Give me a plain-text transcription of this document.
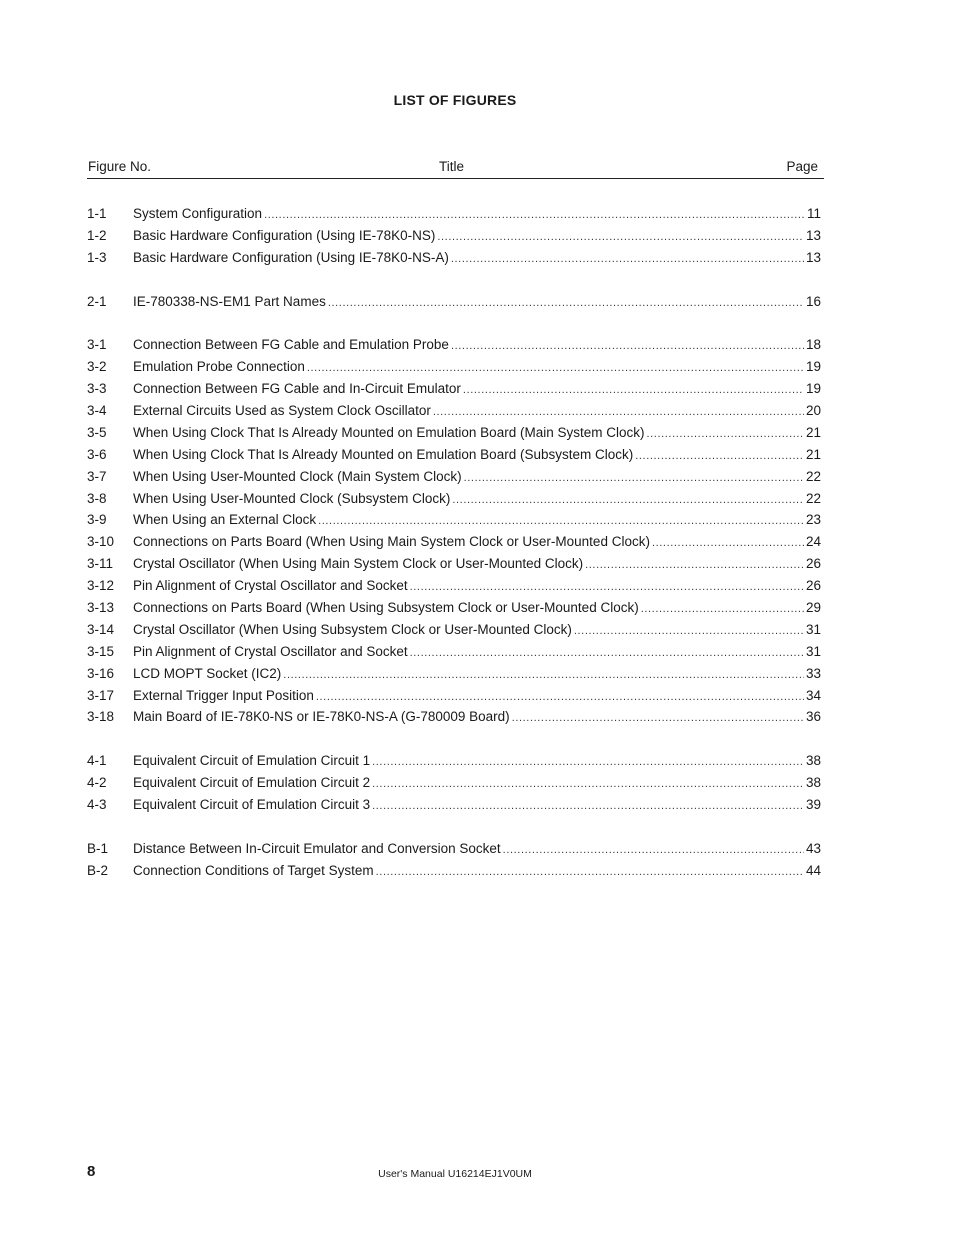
LIST OF FIGURES
Figure No.	Title	Page
1-1	System Configuration .....	11
1-2	Basic Hardware Configuration (Using IE-78K0-NS) .....	13
1-3	Basic Hardware Configuration (Using IE-78K0-NS-A) .....	13
2-1	IE-780338-NS-EM1 Part Names .....	16
3-1	Connection Between FG Cable and Emulation Probe .....	18
3-2	Emulation Probe Connection .....	19
3-3	Connection Between FG Cable and In-Circuit Emulator .....	19
3-4	External Circuits Used as System Clock Oscillator .....	20
3-5	When Using Clock That Is Already Mounted on Emulation Board (Main System Clock) .....	21
3-6	When Using Clock That Is Already Mounted on Emulation Board (Subsystem Clock) .....	21
3-7	When Using User-Mounted Clock (Main System Clock) .....	22
3-8	When Using User-Mounted Clock (Subsystem Clock) .....	22
3-9	When Using an External Clock .....	23
3-10	Connections on Parts Board (When Using Main System Clock or User-Mounted Clock) .....	24
3-11	Crystal Oscillator (When Using Main System Clock or User-Mounted Clock) .....	26
3-12	Pin Alignment of Crystal Oscillator and Socket .....	26
3-13	Connections on Parts Board (When Using Subsystem Clock or User-Mounted Clock) .....	29
3-14	Crystal Oscillator (When Using Subsystem Clock or User-Mounted Clock) .....	31
3-15	Pin Alignment of Crystal Oscillator and Socket .....	31
3-16	LCD MOPT Socket (IC2) .....	33
3-17	External Trigger Input Position .....	34
3-18	Main Board of IE-78K0-NS or IE-78K0-NS-A (G-780009 Board) .....	36
4-1	Equivalent Circuit of Emulation Circuit 1 .....	38
4-2	Equivalent Circuit of Emulation Circuit 2 .....	38
4-3	Equivalent Circuit of Emulation Circuit 3 .....	39
B-1	Distance Between In-Circuit Emulator and Conversion Socket .....	43
B-2	Connection Conditions of Target System .....	44
8	User's Manual U16214EJ1V0UM
